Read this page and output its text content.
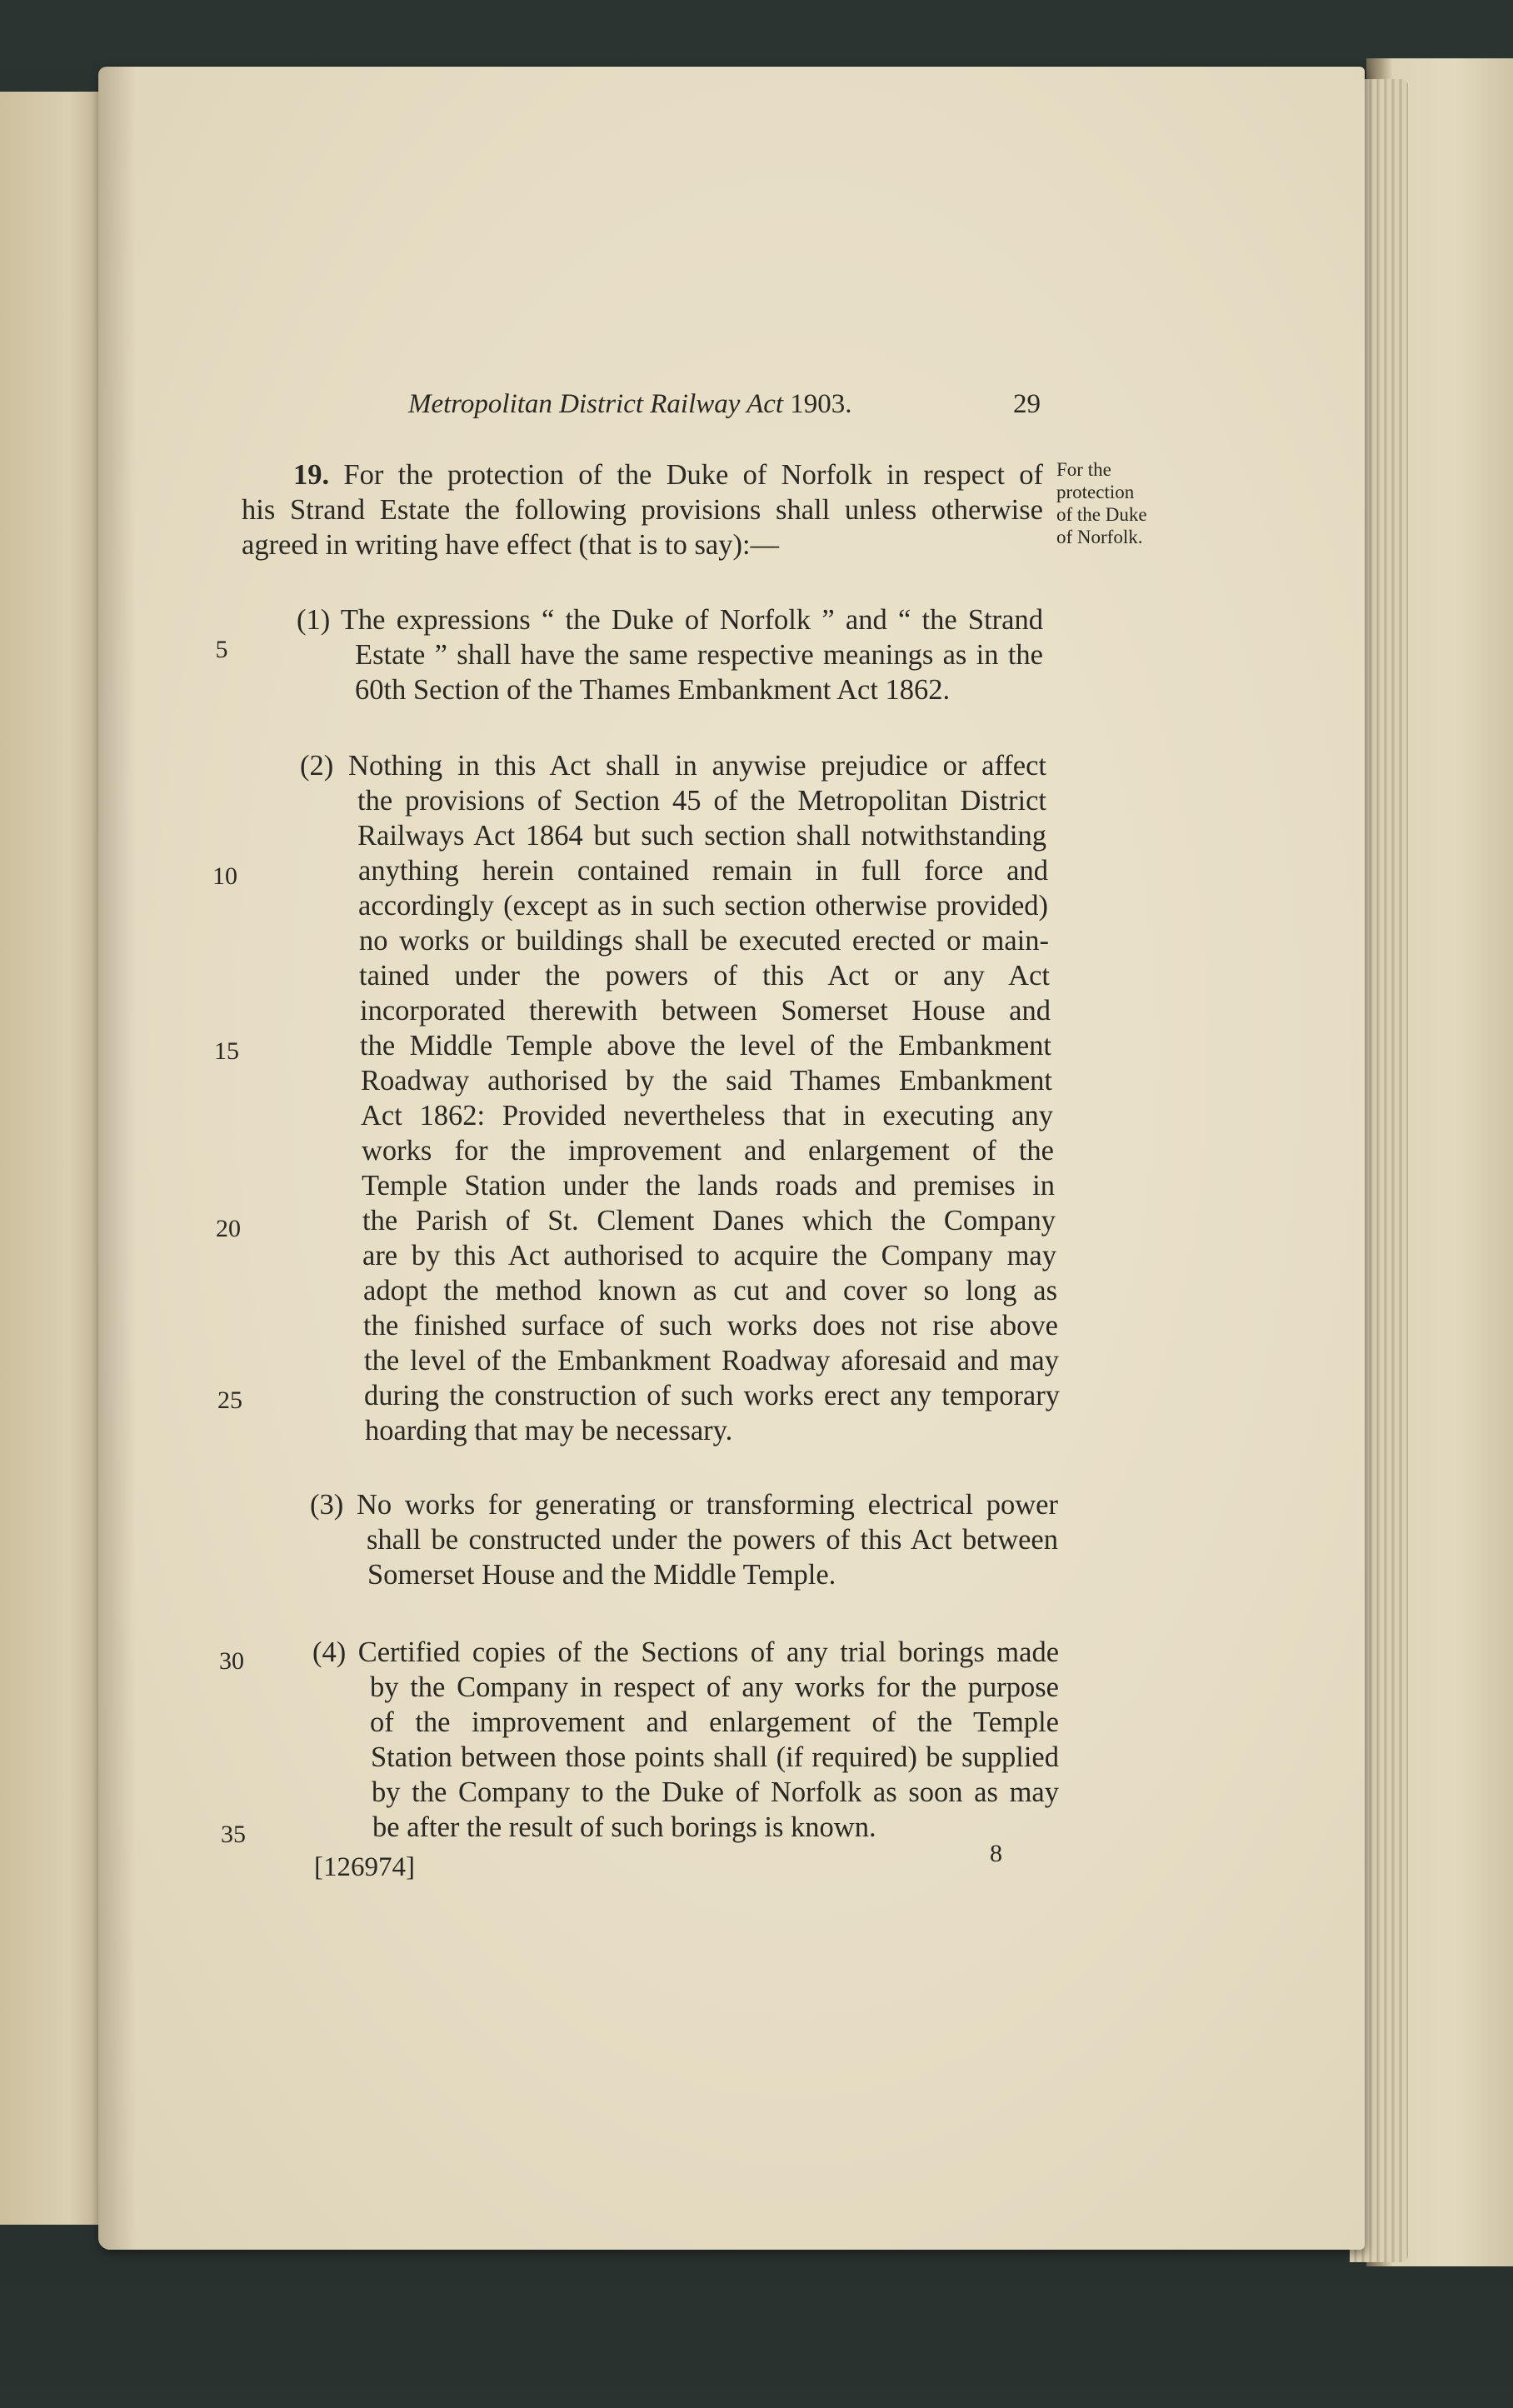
Metropolitan District Railway Act 1903.	29
For the
protection
of the Duke
of Norfolk.
19. For the protection of the Duke of Norfolk in respect of
his Strand Estate the following provisions shall unless otherwise
agreed in writing have effect (that is to say):—
(1) The expressions “ the Duke of Norfolk ” and “ the Strand
Estate ” shall have the same respective meanings as in the
60th Section of the Thames Embankment Act 1862.
(2) Nothing in this Act shall in anywise prejudice or affect
the provisions of Section 45 of the Metropolitan District
Railways Act 1864 but such section shall notwithstanding
anything herein contained remain in full force and
accordingly (except as in such section otherwise provided)
no works or buildings shall be executed erected or main-
tained under the powers of this Act or any Act
incorporated therewith between Somerset House and
the Middle Temple above the level of the Embankment
Roadway authorised by the said Thames Embankment
Act 1862: Provided nevertheless that in executing any
works for the improvement and enlargement of the
Temple Station under the lands roads and premises in
the Parish of St. Clement Danes which the Company
are by this Act authorised to acquire the Company may
adopt the method known as cut and cover so long as
the finished surface of such works does not rise above
the level of the Embankment Roadway aforesaid and may
during the construction of such works erect any temporary
hoarding that may be necessary.
(3) No works for generating or transforming electrical power
shall be constructed under the powers of this Act between
Somerset House and the Middle Temple.
(4) Certified copies of the Sections of any trial borings made
by the Company in respect of any works for the purpose
of the improvement and enlargement of the Temple
Station between those points shall (if required) be supplied
by the Company to the Duke of Norfolk as soon as may
be after the result of such borings is known.
5
10
15
20
25
30
35
[126974]	8
